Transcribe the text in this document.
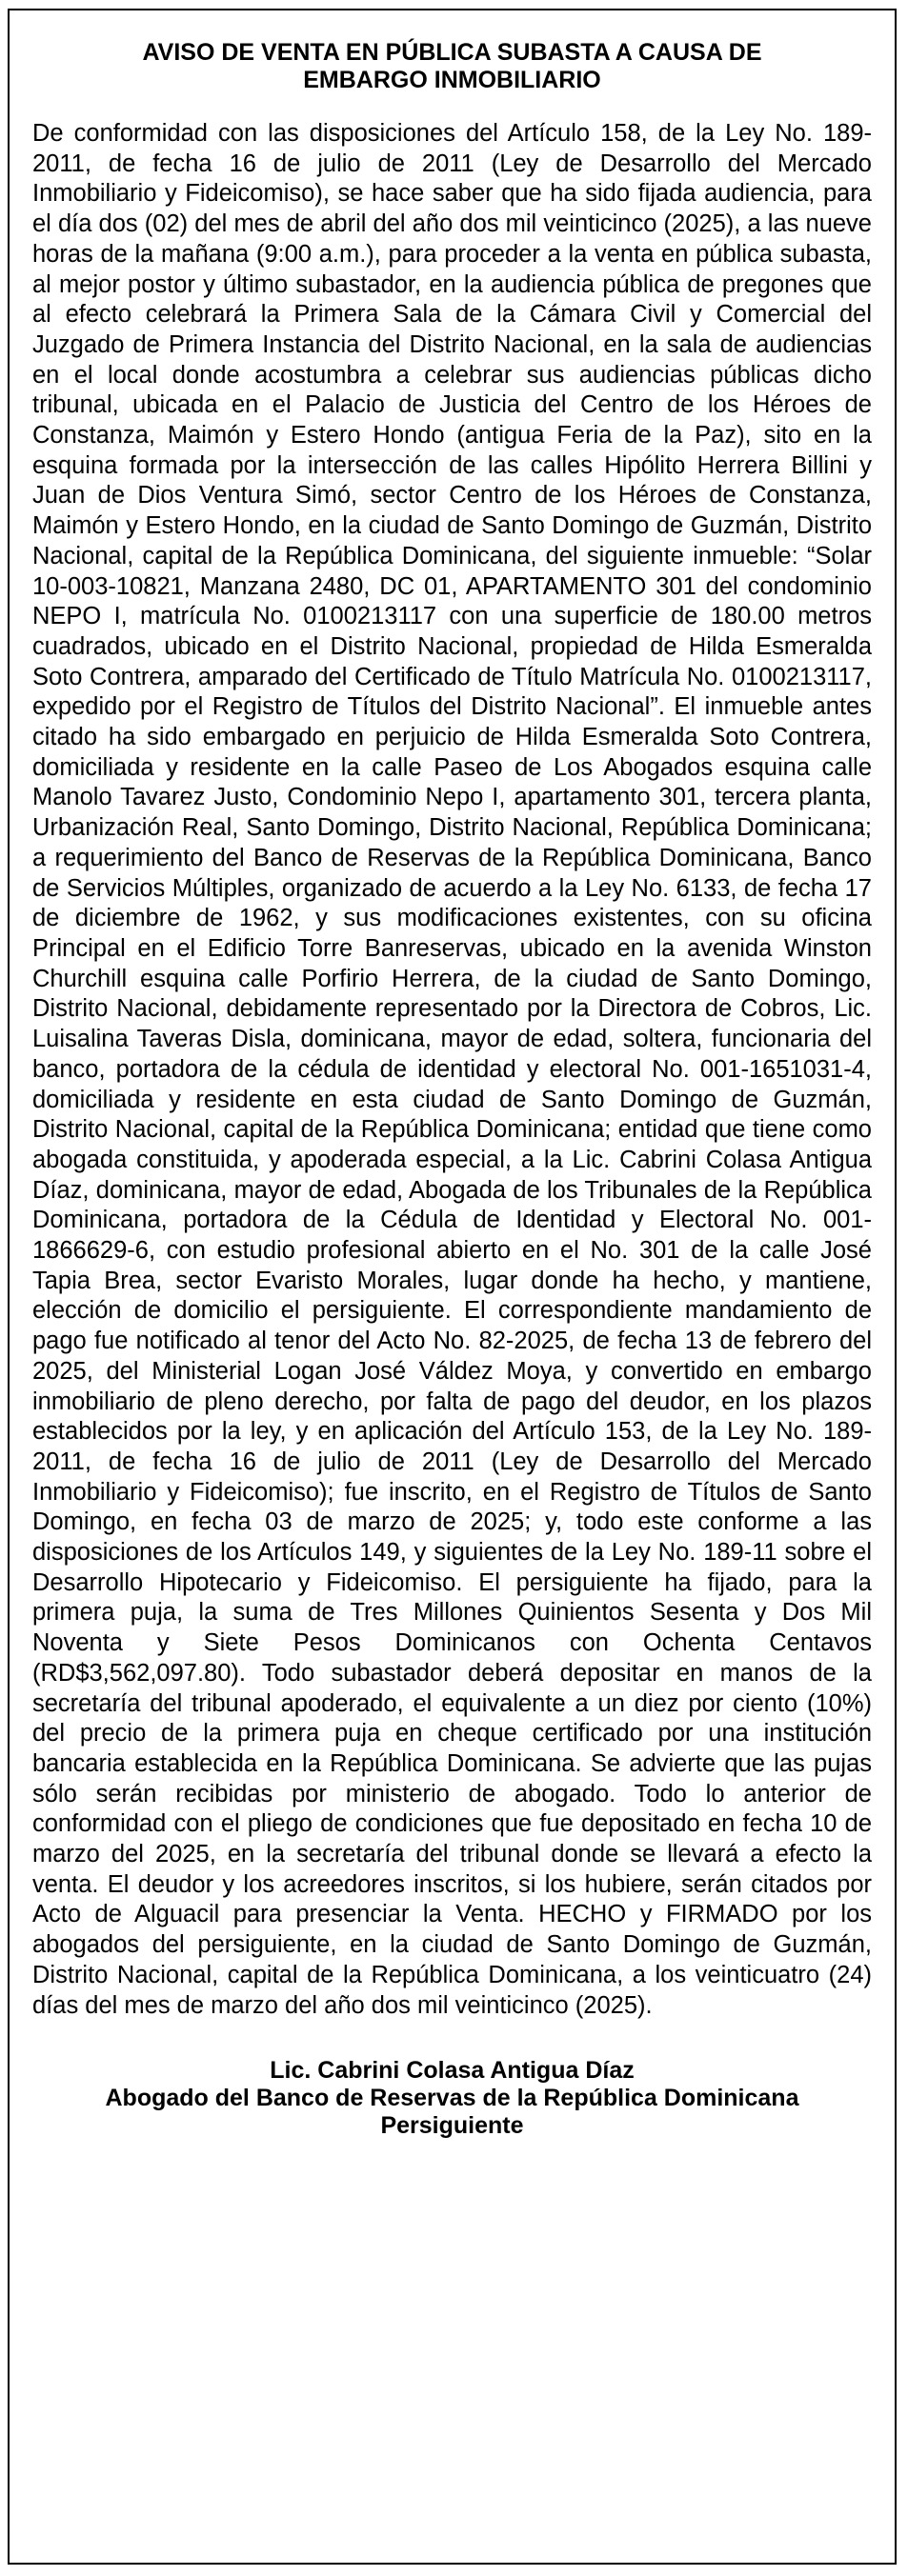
AVISO DE VENTA EN PÚBLICA SUBASTA A CAUSA DE
EMBARGO INMOBILIARIO

De conformidad con las disposiciones del Artículo 158, de la Ley No. 189-2011, de fecha 16 de julio de 2011 (Ley de Desarrollo del Mercado Inmobiliario y Fideicomiso), se hace saber que ha sido fijada audiencia, para el día dos (02) del mes de abril del año dos mil veinticinco (2025), a las nueve horas de la mañana (9:00 a.m.), para proceder a la venta en pública subasta, al mejor postor y último subastador, en la audiencia pública de pregones que al efecto celebrará la Primera Sala de la Cámara Civil y Comercial del Juzgado de Primera Instancia del Distrito Nacional, en la sala de audiencias en el local donde acostumbra a celebrar sus audiencias públicas dicho tribunal, ubicada en el Palacio de Justicia del Centro de los Héroes de Constanza, Maimón y Estero Hondo (antigua Feria de la Paz), sito en la esquina formada por la intersección de las calles Hipólito Herrera Billini y Juan de Dios Ventura Simó, sector Centro de los Héroes de Constanza, Maimón y Estero Hondo, en la ciudad de Santo Domingo de Guzmán, Distrito Nacional, capital de la República Dominicana, del siguiente inmueble: “Solar 10-003-10821, Manzana 2480, DC 01, APARTAMENTO 301 del condominio NEPO I, matrícula No. 0100213117 con una superficie de 180.00 metros cuadrados, ubicado en el Distrito Nacional, propiedad de Hilda Esmeralda Soto Contrera, amparado del Certificado de Título Matrícula No. 0100213117, expedido por el Registro de Títulos del Distrito Nacional”. El inmueble antes citado ha sido embargado en perjuicio de Hilda Esmeralda Soto Contrera, domiciliada y residente en la calle Paseo de Los Abogados esquina calle Manolo Tavarez Justo, Condominio Nepo I, apartamento 301, tercera planta, Urbanización Real, Santo Domingo, Distrito Nacional, República Dominicana; a requerimiento del Banco de Reservas de la República Dominicana, Banco de Servicios Múltiples, organizado de acuerdo a la Ley No. 6133, de fecha 17 de diciembre de 1962, y sus modificaciones existentes, con su oficina Principal en el Edificio Torre Banreservas, ubicado en la avenida Winston Churchill esquina calle Porfirio Herrera, de la ciudad de Santo Domingo, Distrito Nacional, debidamente representado por la Directora de Cobros, Lic. Luisalina Taveras Disla, dominicana, mayor de edad, soltera, funcionaria del banco, portadora de la cédula de identidad y electoral No. 001-1651031-4, domiciliada y residente en esta ciudad de Santo Domingo de Guzmán, Distrito Nacional, capital de la República Dominicana; entidad que tiene como abogada constituida, y apoderada especial, a la Lic. Cabrini Colasa Antigua Díaz, dominicana, mayor de edad, Abogada de los Tribunales de la República Dominicana, portadora de la Cédula de Identidad y Electoral No. 001-1866629-6, con estudio profesional abierto en el No. 301 de la calle José Tapia Brea, sector Evaristo Morales, lugar donde ha hecho, y mantiene, elección de domicilio el persiguiente. El correspondiente mandamiento de pago fue notificado al tenor del Acto No. 82-2025, de fecha 13 de febrero del 2025, del Ministerial Logan José Váldez Moya, y convertido en embargo inmobiliario de pleno derecho, por falta de pago del deudor, en los plazos establecidos por la ley, y en aplicación del Artículo 153, de la Ley No. 189-2011, de fecha 16 de julio de 2011 (Ley de Desarrollo del Mercado Inmobiliario y Fideicomiso); fue inscrito, en el Registro de Títulos de Santo Domingo, en fecha 03 de marzo de 2025; y, todo este conforme a las disposiciones de los Artículos 149, y siguientes de la Ley No. 189-11 sobre el Desarrollo Hipotecario y Fideicomiso. El persiguiente ha fijado, para la primera puja, la suma de Tres Millones Quinientos Sesenta y Dos Mil Noventa y Siete Pesos Dominicanos con Ochenta Centavos (RD$3,562,097.80). Todo subastador deberá depositar en manos de la secretaría del tribunal apoderado, el equivalente a un diez por ciento (10%) del precio de la primera puja en cheque certificado por una institución bancaria establecida en la República Dominicana. Se advierte que las pujas sólo serán recibidas por ministerio de abogado. Todo lo anterior de conformidad con el pliego de condiciones que fue depositado en fecha 10 de marzo del 2025, en la secretaría del tribunal donde se llevará a efecto la venta. El deudor y los acreedores inscritos, si los hubiere, serán citados por Acto de Alguacil para presenciar la Venta. HECHO y FIRMADO por los abogados del persiguiente, en la ciudad de Santo Domingo de Guzmán, Distrito Nacional, capital de la República Dominicana, a los veinticuatro (24) días del mes de marzo del año dos mil veinticinco (2025).

Lic. Cabrini Colasa Antigua Díaz
Abogado del Banco de Reservas de la República Dominicana
Persiguiente
